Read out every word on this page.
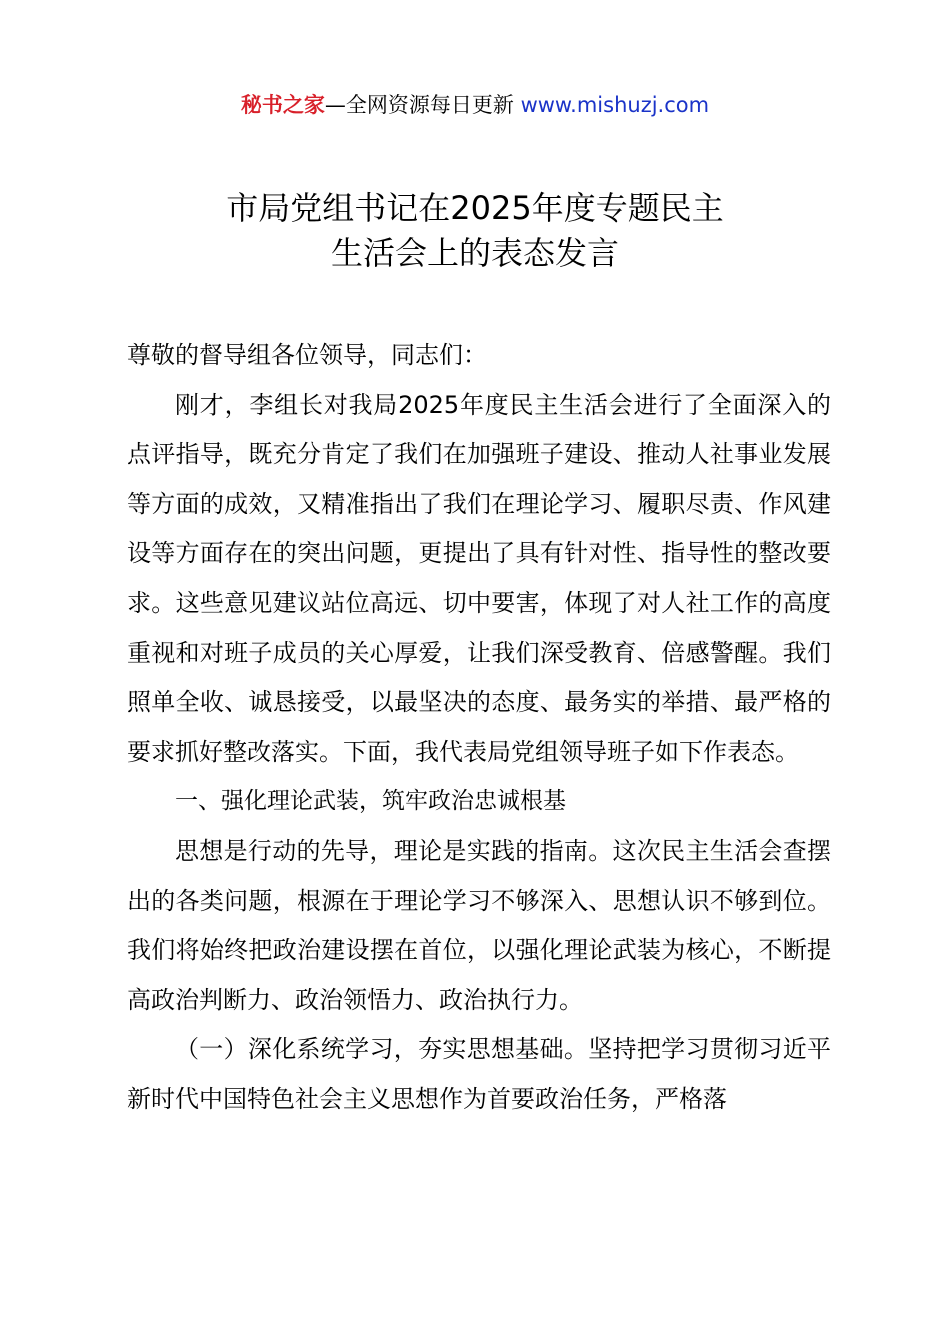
秘书之家—全网资源每日更新 www.mishuzj.com
市局党组书记在2025年度专题民主
生活会上的表态发言

尊敬的督导组各位领导，同志们：

刚才，李组长对我局2025年度民主生活会进行了全面深入的点评指导，既充分肯定了我们在加强班子建设、推动人社事业发展等方面的成效，又精准指出了我们在理论学习、履职尽责、作风建设等方面存在的突出问题，更提出了具有针对性、指导性的整改要求。这些意见建议站位高远、切中要害，体现了对人社工作的高度重视和对班子成员的关心厚爱，让我们深受教育、倍感警醒。我们照单全收、诚恳接受，以最坚决的态度、最务实的举措、最严格的要求抓好整改落实。下面，我代表局党组领导班子如下作表态。

一、强化理论武装，筑牢政治忠诚根基

思想是行动的先导，理论是实践的指南。这次民主生活会查摆出的各类问题，根源在于理论学习不够深入、思想认识不够到位。我们将始终把政治建设摆在首位，以强化理论武装为核心，不断提高政治判断力、政治领悟力、政治执行力。

（一）深化系统学习，夯实思想基础。坚持把学习贯彻习近平新时代中国特色社会主义思想作为首要政治任务，严格落
